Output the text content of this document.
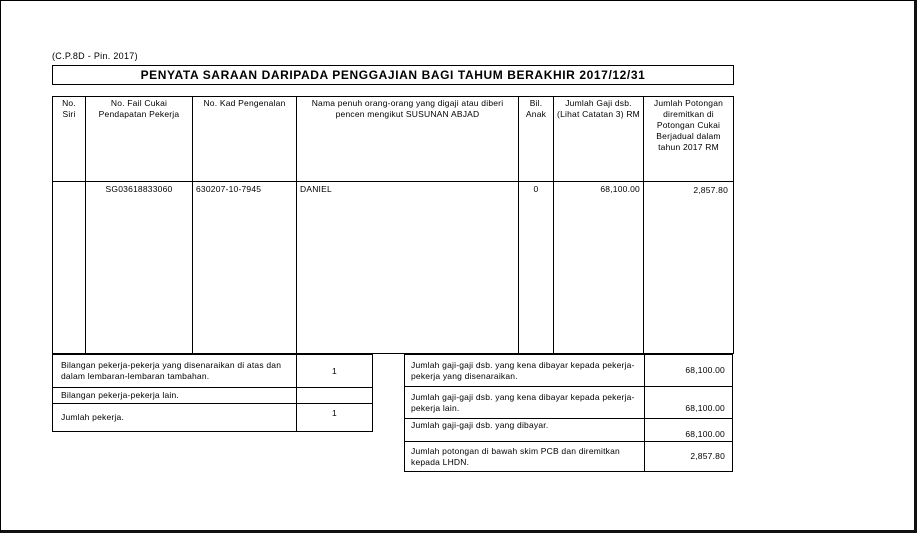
(C.P.8D - Pin. 2017)
PENYATA SARAAN DARIPADA PENGGAJIAN BAGI TAHUM BERAKHIR 2017/12/31
No. Siri	No. Fail Cukai Pendapatan Pekerja	No. Kad Pengenalan	Nama penuh orang-orang yang digaji atau diberi pencen mengikut SUSUNAN ABJAD	Bil. Anak	Jumlah Gaji dsb. (Lihat Catatan 3) RM	Jumlah Potongan diremitkan di Potongan Cukai Berjadual dalam tahun 2017 RM
	SG03618833060	630207-10-7945	DANIEL	0	68,100.00	2,857.80
Bilangan pekerja-pekerja yang disenaraikan di atas dan dalam lembaran-lembaran tambahan.	1
Bilangan pekerja-pekerja lain.	
Jumlah pekerja.	1
Jumlah gaji-gaji dsb. yang kena dibayar kepada pekerja-pekerja yang disenaraikan.	68,100.00
Jumlah gaji-gaji dsb. yang kena dibayar kepada pekerja-pekerja lain.	68,100.00
Jumlah gaji-gaji dsb. yang dibayar.	68,100.00
Jumlah potongan di bawah skim PCB dan diremitkan kepada LHDN.	2,857.80
